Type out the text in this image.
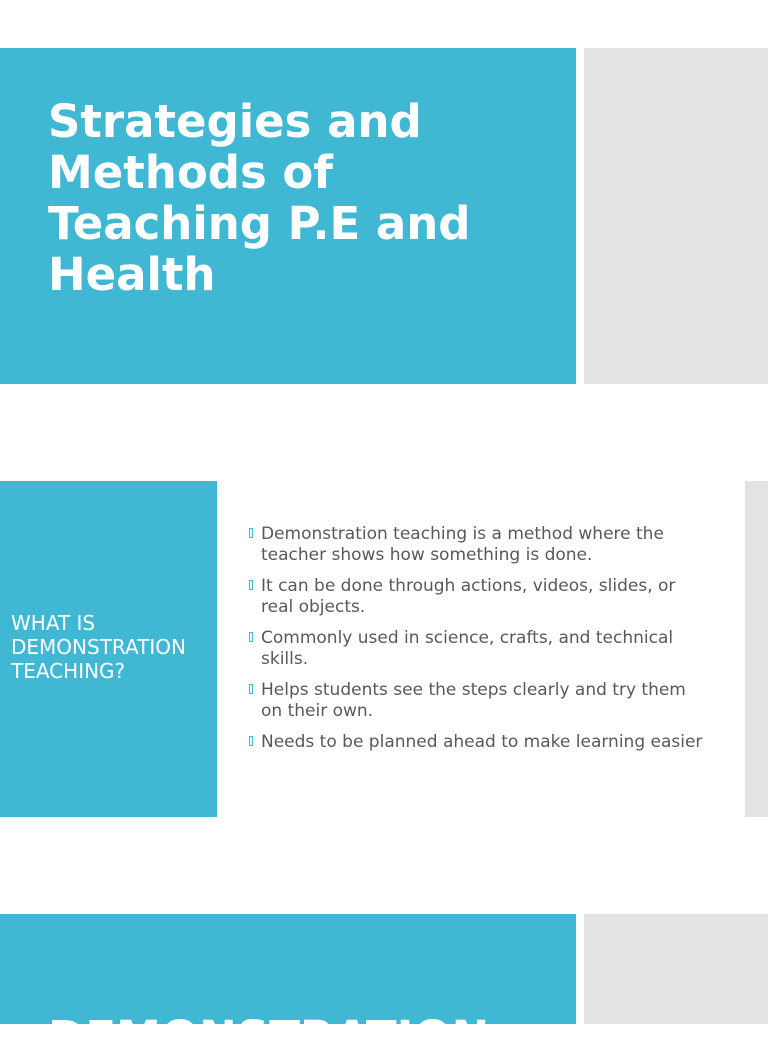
Strategies and Methods of Teaching P.E and Health
WHAT IS DEMONSTRATION TEACHING?
Demonstration teaching is a method where the teacher shows how something is done.
It can be done through actions, videos, slides, or real objects.
Commonly used in science, crafts, and technical skills.
Helps students see the steps clearly and try them on their own.
Needs to be planned ahead to make learning easier
DEMONSTRATION
